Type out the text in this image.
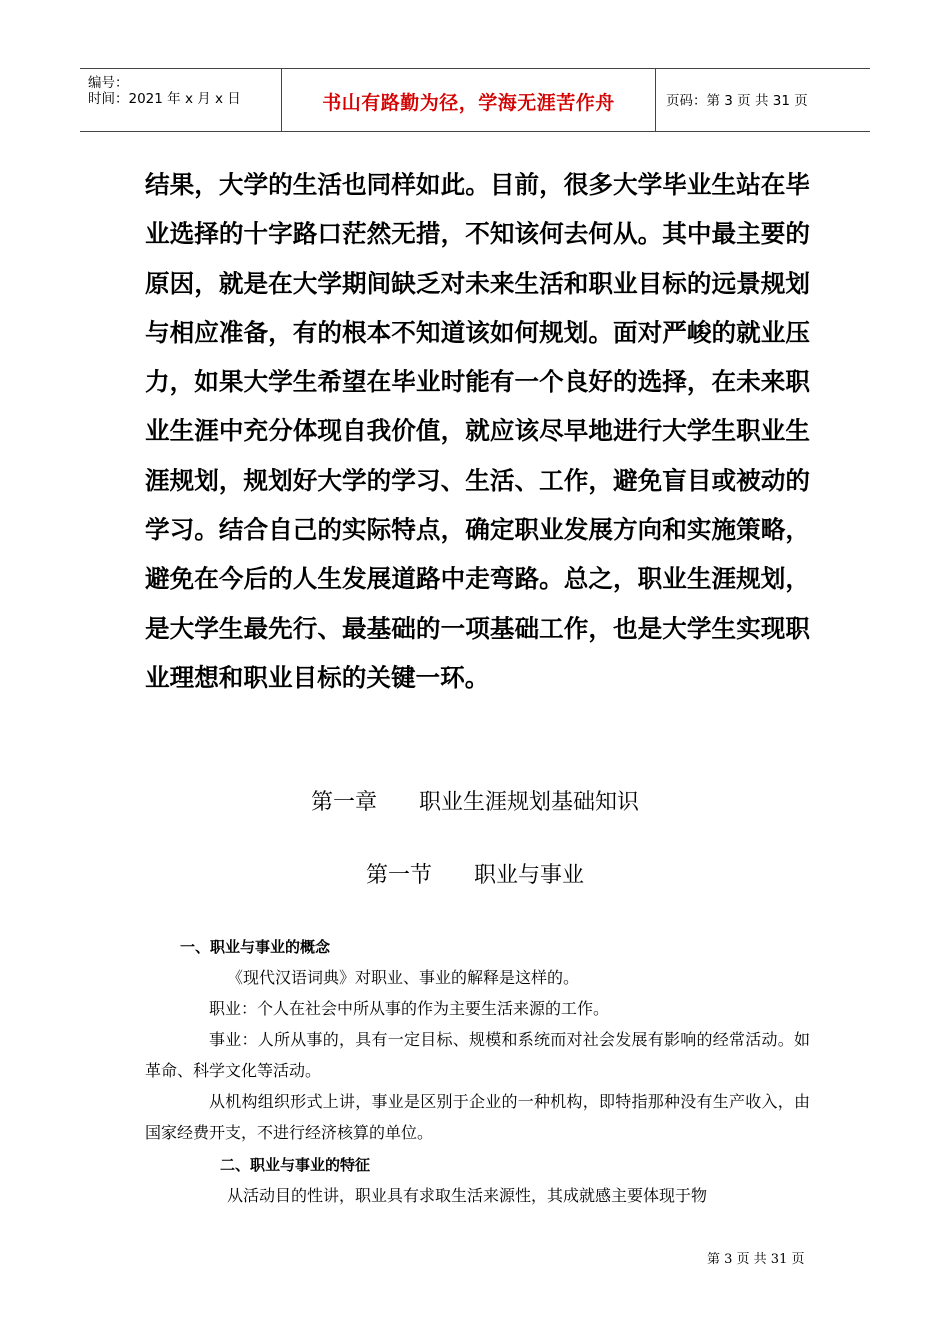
编号：
时间：2021 年 x 月 x 日	书山有路勤为径，学海无涯苦作舟	页码：第 3 页 共 31 页

结果，大学的生活也同样如此。目前，很多大学毕业生站在毕业选择的十字路口茫然无措，不知该何去何从。其中最主要的原因，就是在大学期间缺乏对未来生活和职业目标的远景规划与相应准备，有的根本不知道该如何规划。面对严峻的就业压力，如果大学生希望在毕业时能有一个良好的选择，在未来职业生涯中充分体现自我价值，就应该尽早地进行大学生职业生涯规划，规划好大学的学习、生活、工作，避免盲目或被动的学习。结合自己的实际特点，确定职业发展方向和实施策略，避免在今后的人生发展道路中走弯路。总之，职业生涯规划，是大学生最先行、最基础的一项基础工作，也是大学生实现职业理想和职业目标的关键一环。

第一章      职业生涯规划基础知识
第一节      职业与事业
一、职业与事业的概念

《现代汉语词典》对职业、事业的解释是这样的。

职业：个人在社会中所从事的作为主要生活来源的工作。

事业：人所从事的，具有一定目标、规模和系统而对社会发展有影响的经常活动。如革命、科学文化等活动。

从机构组织形式上讲，事业是区别于企业的一种机构，即特指那种没有生产收入，由国家经费开支，不进行经济核算的单位。

二、职业与事业的特征

从活动目的性讲，职业具有求取生活来源性，其成就感主要体现于物

第 3 页 共 31 页
